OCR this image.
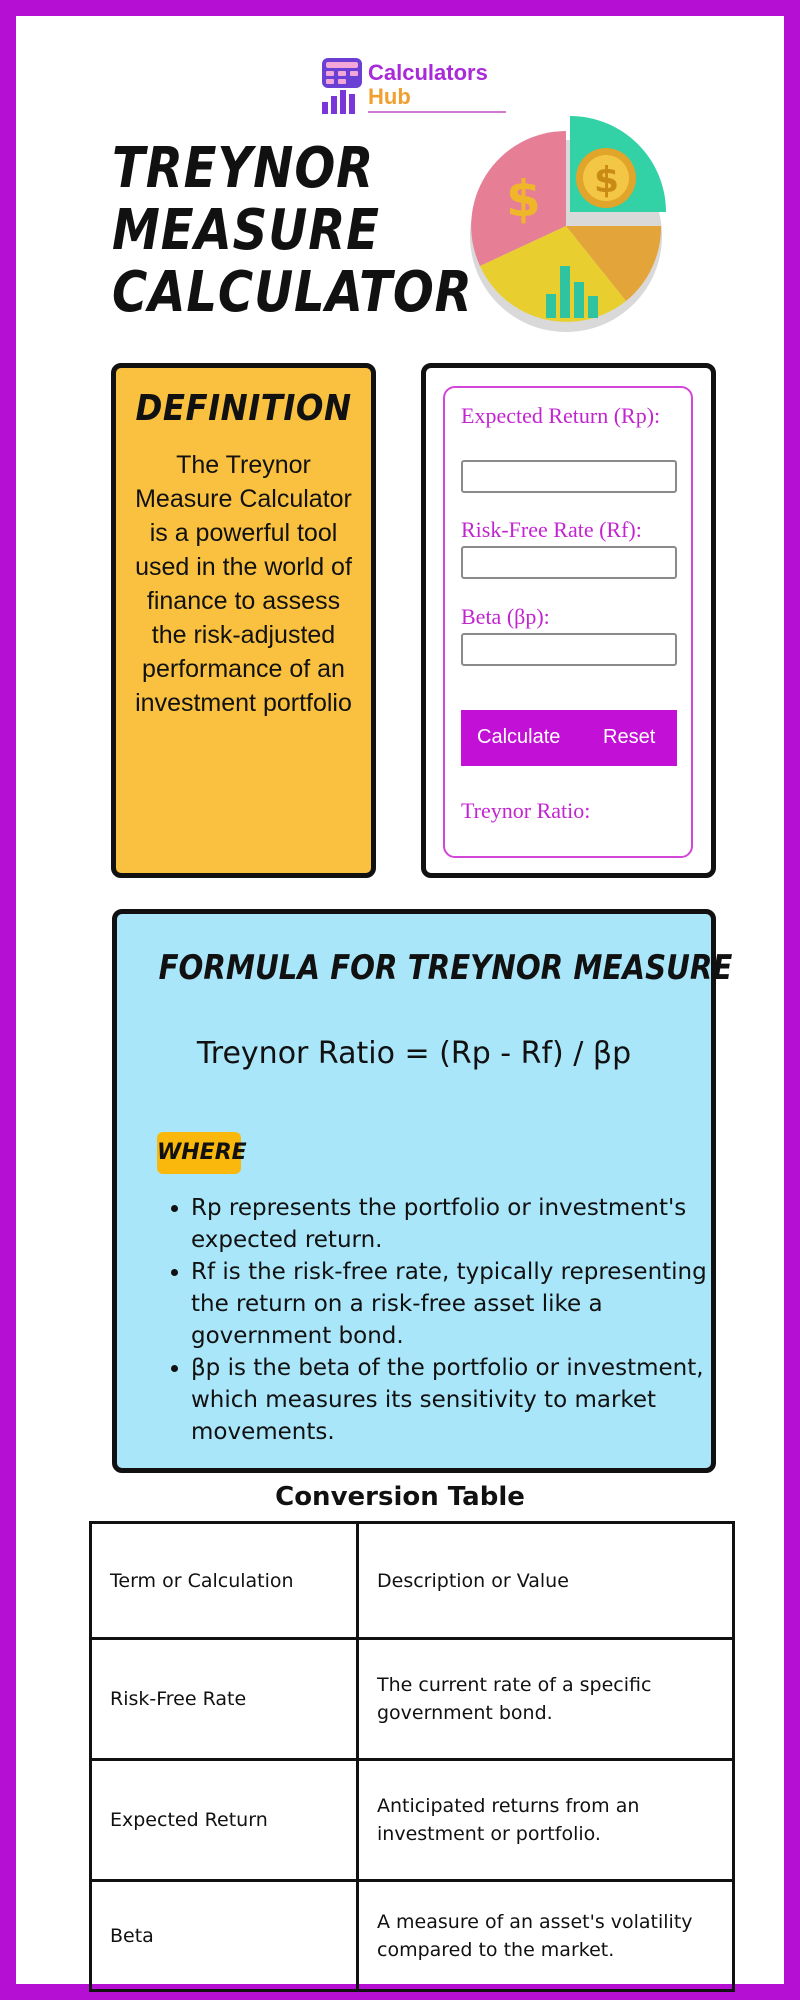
Calculators
Hub
TREYNOR
MEASURE
CALCULATOR
$ $
DEFINITION
The Treynor Measure Calculator is a powerful tool used in the world of finance to assess the risk-adjusted performance of an investment portfolio
Expected Return (Rp):
Risk-Free Rate (Rf):
Beta (βp):
Calculate Reset
Treynor Ratio:
FORMULA FOR TREYNOR MEASURE
Treynor Ratio = (Rp - Rf) / βp
WHERE
• Rp represents the portfolio or investment's expected return.
• Rf is the risk-free rate, typically representing the return on a risk-free asset like a government bond.
• βp is the beta of the portfolio or investment, which measures its sensitivity to market movements.
Conversion Table
Term or Calculation	Description or Value
Risk-Free Rate	The current rate of a specific government bond.
Expected Return	Anticipated returns from an investment or portfolio.
Beta	A measure of an asset's volatility compared to the market.
